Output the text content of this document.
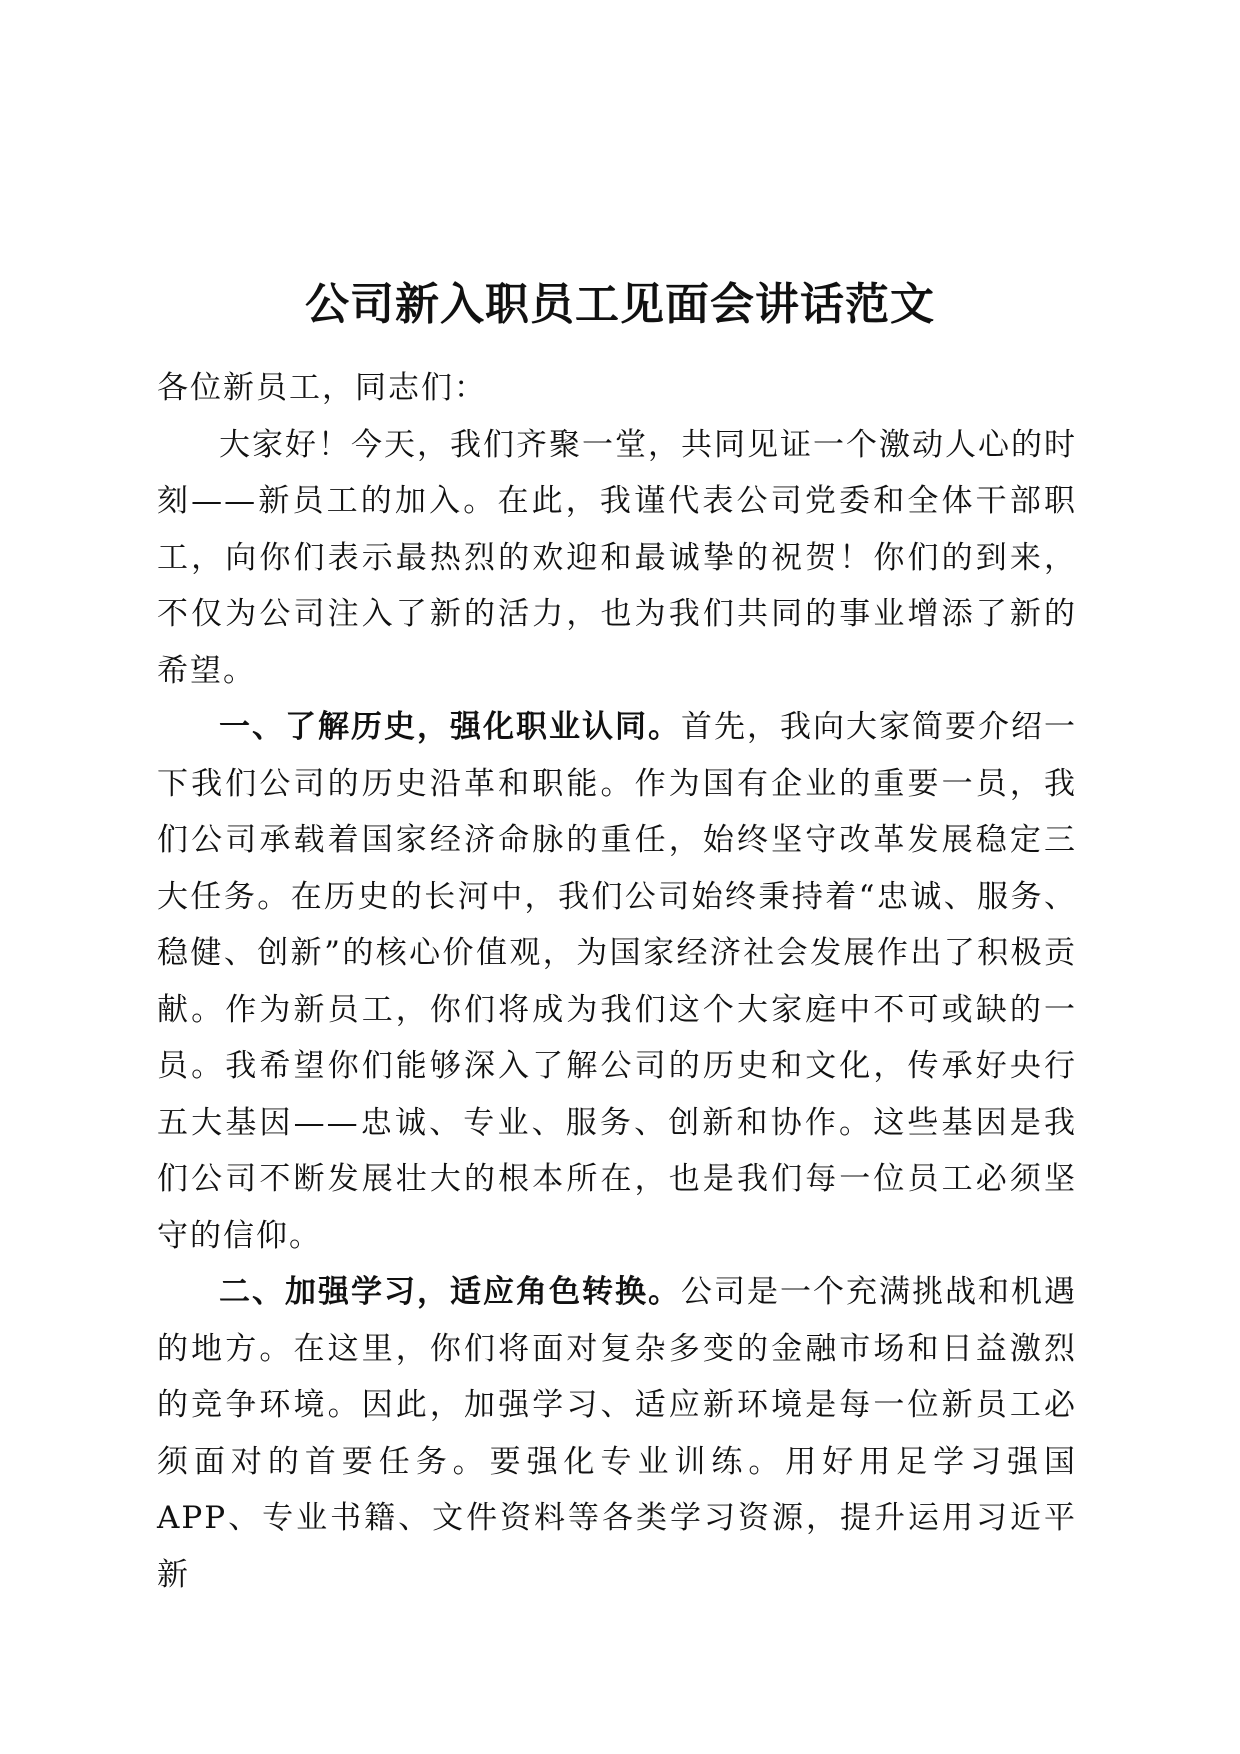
公司新入职员工见面会讲话范文

各位新员工，同志们：

大家好！今天，我们齐聚一堂，共同见证一个激动人心的时刻——新员工的加入。在此，我谨代表公司党委和全体干部职工，向你们表示最热烈的欢迎和最诚挚的祝贺！你们的到来，不仅为公司注入了新的活力，也为我们共同的事业增添了新的希望。

一、了解历史，强化职业认同。首先，我向大家简要介绍一下我们公司的历史沿革和职能。作为国有企业的重要一员，我们公司承载着国家经济命脉的重任，始终坚守改革发展稳定三大任务。在历史的长河中，我们公司始终秉持着“忠诚、服务、稳健、创新”的核心价值观，为国家经济社会发展作出了积极贡献。作为新员工，你们将成为我们这个大家庭中不可或缺的一员。我希望你们能够深入了解公司的历史和文化，传承好央行五大基因——忠诚、专业、服务、创新和协作。这些基因是我们公司不断发展壮大的根本所在，也是我们每一位员工必须坚守的信仰。

二、加强学习，适应角色转换。公司是一个充满挑战和机遇的地方。在这里，你们将面对复杂多变的金融市场和日益激烈的竞争环境。因此，加强学习、适应新环境是每一位新员工必须面对的首要任务。要强化专业训练。用好用足学习强国APP、专业书籍、文件资料等各类学习资源，提升运用习近平新
